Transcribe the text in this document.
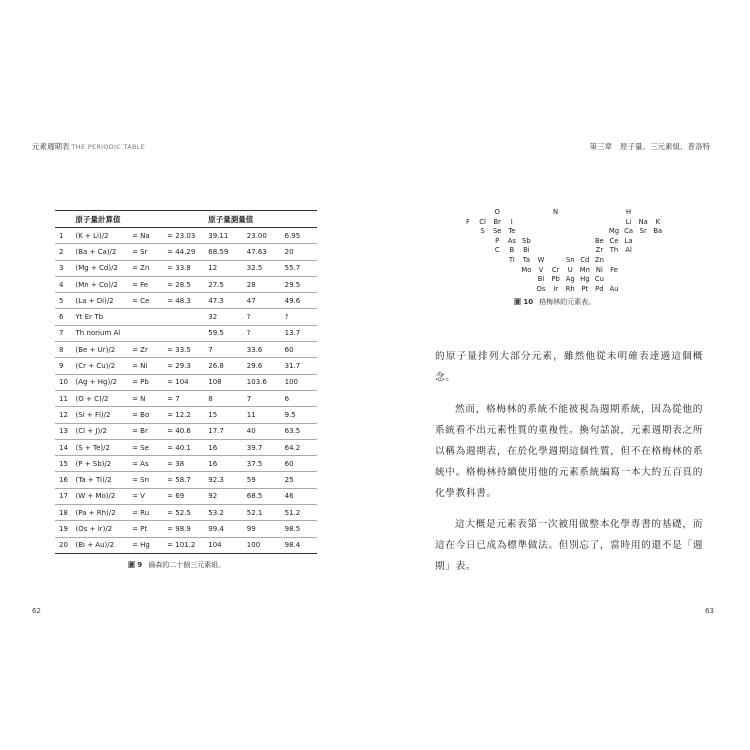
元素週期表 THE PERIODIC TABLE
	原子量計算值			原子量測量值		
1	(K + Li)/2	= Na	= 23.03	39.11	23.00	6.95
2	(Ba + Ca)/2	= Sr	= 44.29	68.59	47.63	20
3	(Mg + Cd)/2	= Zn	= 33.8	12	32.5	55.7
4	(Mn + Co)/2	= Fe	= 28.5	27.5	28	29.5
5	(La + Di)/2	= Ce	= 48.3	47.3	47	49.6
6	Yt Er Tb			32	?	?
7	Th norium Al			59.5	?	13.7
8	(Be + Ur)/2	= Zr	= 33.5	7	33.6	60
9	(Cr + Cu)/2	= Ni	= 29.3	26.8	29.6	31.7
10	(Ag + Hg)/2	= Pb	= 104	108	103.6	100
11	(O + C)/2	= N	= 7	8	7	6
12	(Si + Fl)/2	= Bo	= 12.2	15	11	9.5
13	(Cl + J)/2	= Br	= 40.6	17.7	40	63.5
14	(S + Te)/2	= Se	= 40.1	16	39.7	64.2
15	(P + Sb)/2	= As	= 38	16	37.5	60
16	(Ta + Ti)/2	= Sn	= 58.7	92.3	59	25
17	(W + Mo)/2	= V	= 69	92	68.5	46
18	(Pa + Rh)/2	= Ru	= 52.5	53.2	52.1	51.2
19	(Os + Ir)/2	= Pt	= 98.9	99.4	99	98.5
20	(Bi + Au)/2	= Hg	= 101.2	104	100	98.4
圖 9 倫森的二十個三元素組。
62
第三章 原子量、三元素組、普洛特
O	N	H
F Cl Br I	Li Na K
S Se Te	Mg Ca Sr Ba
P As Sb	Be Ce La
C B Bi	Zr Th Al
Ti Ta W	Sn Cd Zn
Mo V Cr U Mn Ni Fe
Bi Pb Ag Hg Cu
Os Ir Rh Pt Pd Au
圖 10 格梅林的元素表。

的原子量排列大部分元素，雖然他從未明確表達過這個概念。

然而，格梅林的系統不能被視為週期系統，因為從他的系統看不出元素性質的重複性。換句話說，元素週期表之所以稱為週期表，在於化學週期這個性質，但不在格梅林的系統中。格梅林持續使用他的元素系統編寫一本大約五百頁的化學教科書。

這大概是元素表第一次被用做整本化學專書的基礎，而這在今日已成為標準做法。但別忘了，當時用的還不是「週期」表。

63
